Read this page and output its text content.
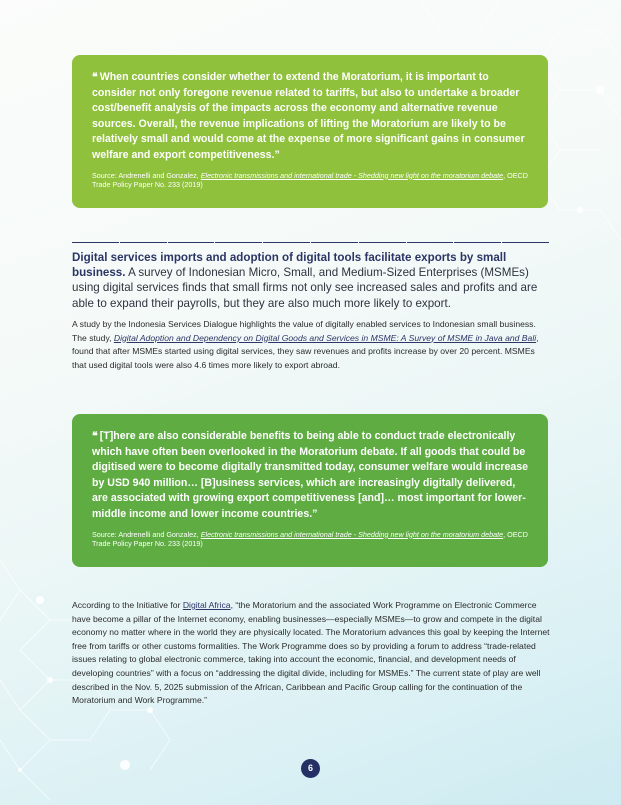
❝ When countries consider whether to extend the Moratorium, it is important to consider not only foregone revenue related to tariffs, but also to undertake a broader cost/benefit analysis of the impacts across the economy and alternative revenue sources. Overall, the revenue implications of lifting the Moratorium are likely to be relatively small and would come at the expense of more significant gains in consumer welfare and export competitiveness.”

Source: Andrenelli and Gonzalez, Electronic transmissions and international trade - Shedding new light on the moratorium debate, OECD Trade Policy Paper No. 233 (2019)
Digital services imports and adoption of digital tools facilitate exports by small business. A survey of Indonesian Micro, Small, and Medium-Sized Enterprises (MSMEs) using digital services finds that small firms not only see increased sales and profits and are able to expand their payrolls, but they are also much more likely to export.
A study by the Indonesia Services Dialogue highlights the value of digitally enabled services to Indonesian small business. The study, Digital Adoption and Dependency on Digital Goods and Services in MSME: A Survey of MSME in Java and Bali, found that after MSMEs started using digital services, they saw revenues and profits increase by over 20 percent. MSMEs that used digital tools were also 4.6 times more likely to export abroad.

❝ [T]here are also considerable benefits to being able to conduct trade electronically which have often been overlooked in the Moratorium debate. If all goods that could be digitised were to become digitally transmitted today, consumer welfare would increase by USD 940 million… [B]usiness services, which are increasingly digitally delivered, are associated with growing export competitiveness [and]… most important for lower-middle income and lower income countries.”

Source: Andrenelli and Gonzalez, Electronic transmissions and international trade - Shedding new light on the moratorium debate, OECD Trade Policy Paper No. 233 (2019)
According to the Initiative for Digital Africa, “the Moratorium and the associated Work Programme on Electronic Commerce have become a pillar of the Internet economy, enabling businesses—especially MSMEs—to grow and compete in the digital economy no matter where in the world they are physically located. The Moratorium advances this goal by keeping the Internet free from tariffs or other customs formalities. The Work Programme does so by providing a forum to address “trade-related issues relating to global electronic commerce, taking into account the economic, financial, and development needs of developing countries” with a focus on “addressing the digital divide, including for MSMEs.” The current state of play are well described in the Nov. 5, 2025 submission of the African, Caribbean and Pacific Group calling for the continuation of the Moratorium and Work Programme.”
6
